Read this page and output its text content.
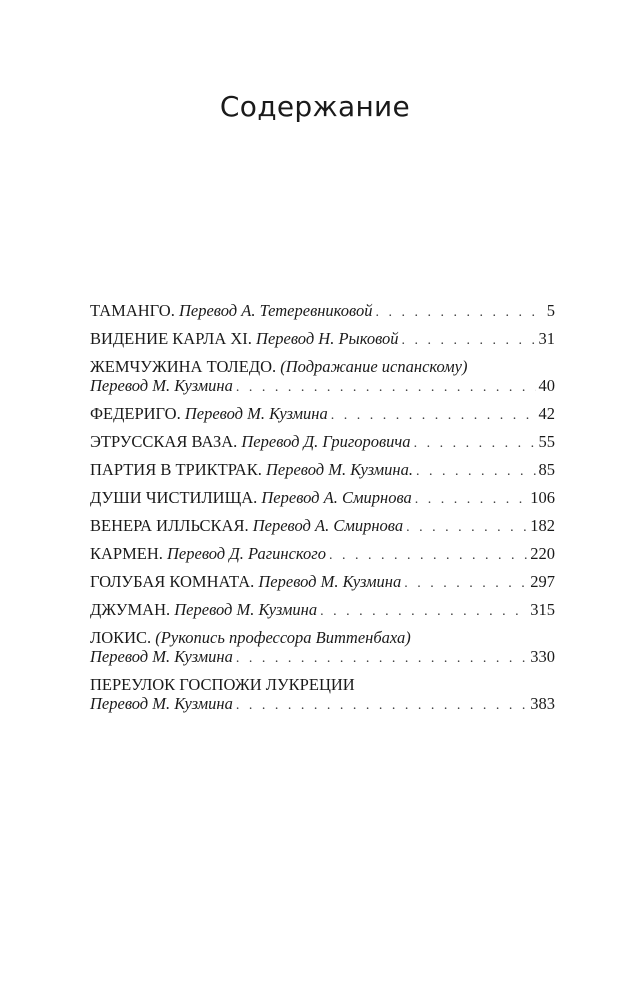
Содержание
ТАМАНГО. Перевод А. Тетеревниковой . . .	5
ВИДЕНИЕ КАРЛА XI. Перевод Н. Рыковой . . .	31
ЖЕМЧУЖИНА ТОЛЕДО. (Подражание испанскому)
Перевод М. Кузмина . . .	40
ФЕДЕРИГО. Перевод М. Кузмина . . .	42
ЭТРУССКАЯ ВАЗА. Перевод Д. Григоровича . . .	55
ПАРТИЯ В ТРИКТРАК. Перевод М. Кузмина. . . .	85
ДУШИ ЧИСТИЛИЩА. Перевод А. Смирнова . . .	106
ВЕНЕРА ИЛЛЬСКАЯ. Перевод А. Смирнова . . .	182
КАРМЕН. Перевод Д. Рагинского . . .	220
ГОЛУБАЯ КОМНАТА. Перевод М. Кузмина . . .	297
ДЖУМАН. Перевод М. Кузмина . . .	315
ЛОКИС. (Рукопись профессора Виттенбаха)
Перевод М. Кузмина . . .	330
ПЕРЕУЛОК ГОСПОЖИ ЛУКРЕЦИИ
Перевод М. Кузмина . . .	383
